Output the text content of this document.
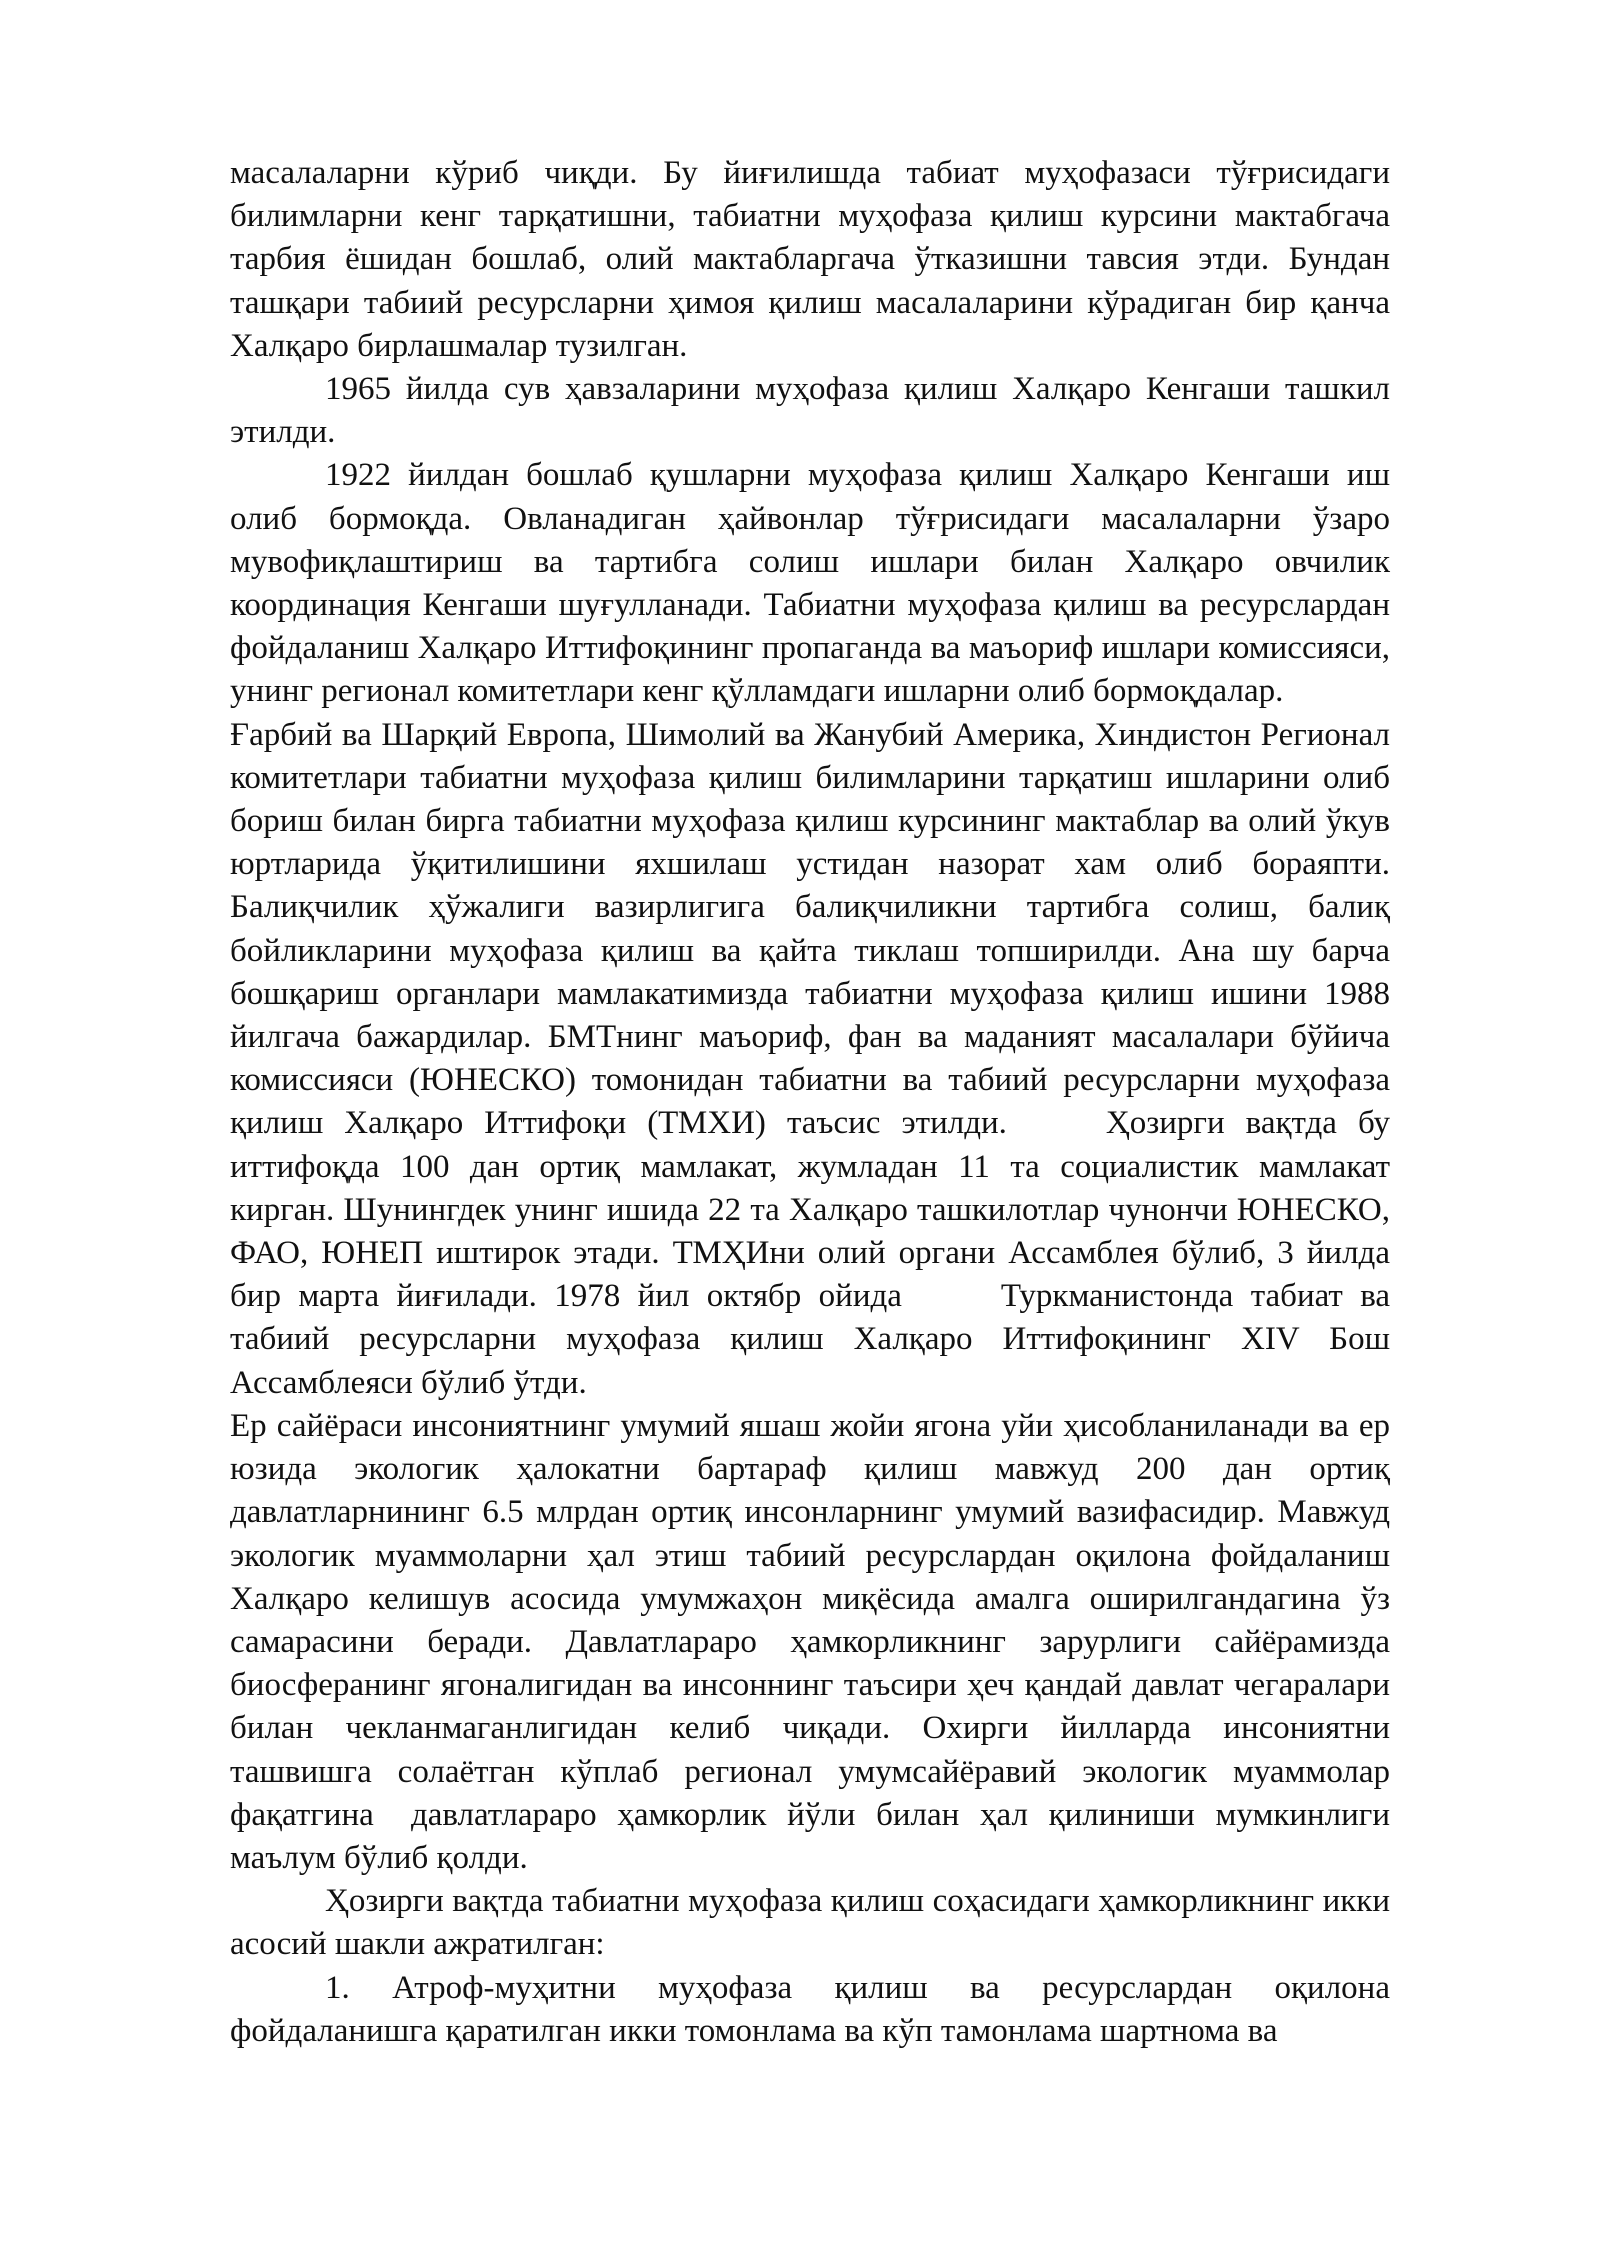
масалаларни кўриб чиқди. Бу йиғилишда табиат муҳофазаси тўғрисидаги билимларни кенг тарқатишни, табиатни муҳофаза қилиш курсини мактабгача тарбия ёшидан бошлаб, олий мактабларгача ўтказишни тавсия этди. Бундан ташқари табиий ресурсларни ҳимоя қилиш масалаларини кўрадиган бир қанча Халқаро бирлашмалар тузилган.

1965 йилда сув ҳавзаларини муҳофаза қилиш Халқаро Кенгаши ташкил этилди.

1922 йилдан бошлаб қушларни муҳофаза қилиш Халқаро Кенгаши иш олиб бормоқда. Овланадиган ҳайвонлар тўғрисидаги масалаларни ўзаро мувофиқлаштириш ва тартибга солиш ишлари билан Халқаро овчилик координация Кенгаши шуғулланади. Табиатни муҳофаза қилиш ва ресурслардан фойдаланиш Халқаро Иттифоқининг пропаганда ва маъориф ишлари комиссияси, унинг регионал комитетлари кенг қўлламдаги ишларни олиб бормоқдалар.

Ғарбий ва Шарқий Европа, Шимолий ва Жанубий Америка, Хиндистон Регионал комитетлари табиатни муҳофаза қилиш билимларини тарқатиш ишларини олиб бориш билан бирга табиатни муҳофаза қилиш курсининг мактаблар ва олий ўкув юртларида ўқитилишини яхшилаш устидан назорат хам олиб бораяпти. Балиқчилик ҳўжалиги вазирлигига балиқчиликни тартибга солиш, балиқ бойликларини муҳофаза қилиш ва қайта тиклаш топширилди. Ана шу барча бошқариш органлари мамлакатимизда табиатни муҳофаза қилиш ишини 1988 йилгача бажардилар. БМТнинг маъориф, фан ва маданият масалалари бўйича комиссияси (ЮНЕСКО) томонидан табиатни ва табиий ресурсларни муҳофаза қилиш Халқаро Иттифоқи (ТМХИ) таъсис этилди.   Ҳозирги вақтда бу иттифоқда 100 дан ортиқ мамлакат, жумладан 11 та социалистик мамлакат кирган. Шунингдек унинг ишида 22 та Халқаро ташкилотлар чунончи ЮНЕСКО, ФАО, ЮНЕП иштирок этади. ТМҲИни олий органи Ассамблея бўлиб, 3 йилда бир марта йиғилади. 1978 йил октябр ойида   Туркманистонда табиат ва табиий ресурсларни муҳофаза қилиш Халқаро Иттифоқининг XIV Бош Ассамблеяси бўлиб ўтди.

Ер сайёраси инсониятнинг умумий яшаш жойи ягона уйи ҳисобланиланади ва ер юзида экологик ҳалокатни бартараф қилиш мавжуд 200 дан ортиқ давлатларнининг 6.5 млрдан ортиқ инсонларнинг умумий вазифасидир. Мавжуд экологик муаммоларни ҳал этиш табиий ресурслардан оқилона фойдаланиш Халқаро келишув асосида умумжаҳон миқёсида амалга оширилгандагина ўз самарасини беради. Давлатлараро ҳамкорликнинг зарурлиги сайёрамизда биосферанинг ягоналигидан ва инсоннинг таъсири ҳеч қандай давлат чегаралари билан чекланмаганлигидан келиб чиқади. Охирги йилларда инсониятни ташвишга солаётган кўплаб регионал умумсайёравий экологик муаммолар фақатгина  давлатлараро ҳамкорлик йўли билан ҳал қилиниши мумкинлиги маълум бўлиб қолди.

Ҳозирги вақтда табиатни муҳофаза қилиш соҳасидаги ҳамкорликнинг икки асосий шакли ажратилган:

1. Атроф-муҳитни муҳофаза қилиш ва ресурслардан оқилона фойдаланишга қаратилган икки томонлама ва кўп тамонлама шартнома ва
